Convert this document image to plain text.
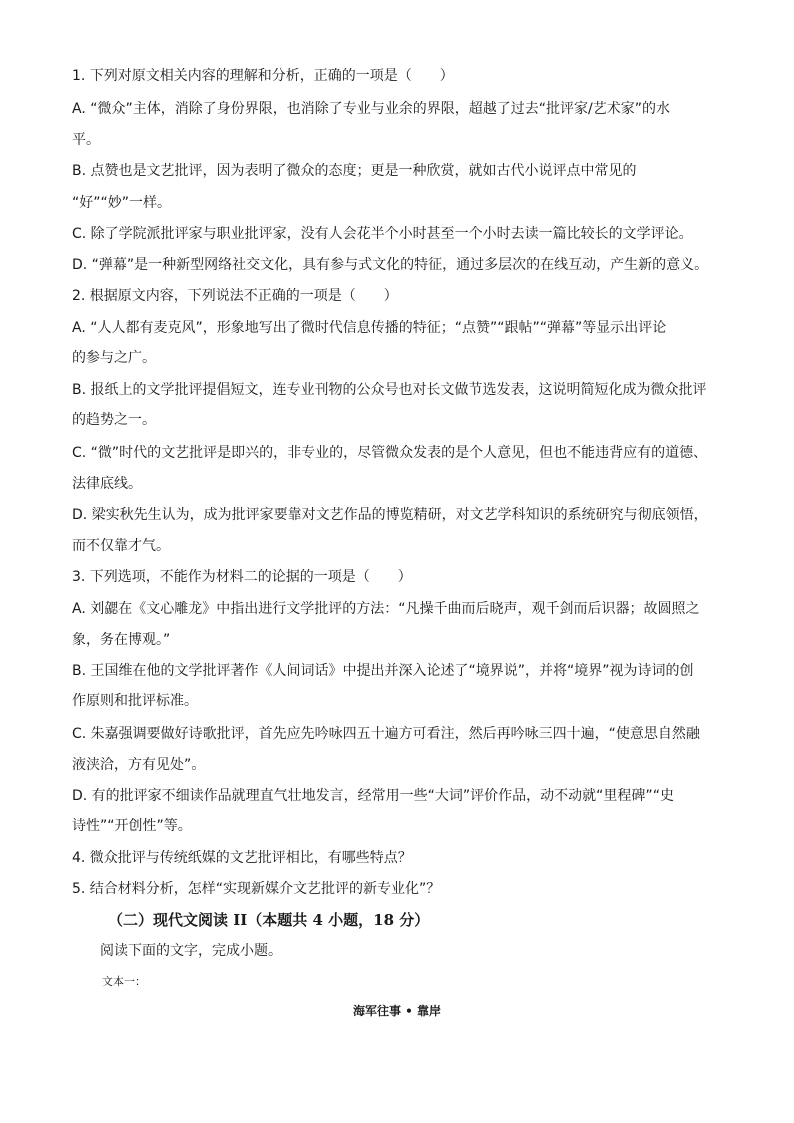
1. 下列对原文相关内容的理解和分析，正确的一项是（　　）
A. “微众”主体，消除了身份界限，也消除了专业与业余的界限，超越了过去“批评家/艺术家”的水
平。
B. 点赞也是文艺批评，因为表明了微众的态度；更是一种欣赏，就如古代小说评点中常见的
“好”“妙”一样。
C. 除了学院派批评家与职业批评家，没有人会花半个小时甚至一个小时去读一篇比较长的文学评论。
D. “弹幕”是一种新型网络社交文化，具有参与式文化的特征，通过多层次的在线互动，产生新的意义。
2. 根据原文内容，下列说法不正确的一项是（　　）
A. “人人都有麦克风”，形象地写出了微时代信息传播的特征；“点赞”“跟帖”“弹幕”等显示出评论
的参与之广。
B. 报纸上的文学批评提倡短文，连专业刊物的公众号也对长文做节选发表，这说明简短化成为微众批评
的趋势之一。
C. “微”时代的文艺批评是即兴的，非专业的，尽管微众发表的是个人意见，但也不能违背应有的道德、
法律底线。
D. 梁实秋先生认为，成为批评家要靠对文艺作品的博览精研，对文艺学科知识的系统研究与彻底领悟，
而不仅靠才气。
3. 下列选项，不能作为材料二的论据的一项是（　　）
A. 刘勰在《文心雕龙》中指出进行文学批评的方法：“凡操千曲而后晓声，观千剑而后识器；故圆照之
象，务在博观。”
B. 王国维在他的文学批评著作《人间词话》中提出并深入论述了“境界说”，并将“境界”视为诗词的创
作原则和批评标准。
C. 朱嘉强调要做好诗歌批评，首先应先吟咏四五十遍方可看注，然后再吟咏三四十遍，“使意思自然融
液浃洽，方有见处”。
D. 有的批评家不细读作品就理直气壮地发言，经常用一些“大词”评价作品，动不动就“里程碑”“史
诗性”“开创性”等。
4. 微众批评与传统纸媒的文艺批评相比，有哪些特点？
5. 结合材料分析，怎样“实现新媒介文艺批评的新专业化”？
（二）现代文阅读 II（本题共 4 小题，18 分）
阅读下面的文字，完成小题。
文本一：
海军往事 • 靠岸
